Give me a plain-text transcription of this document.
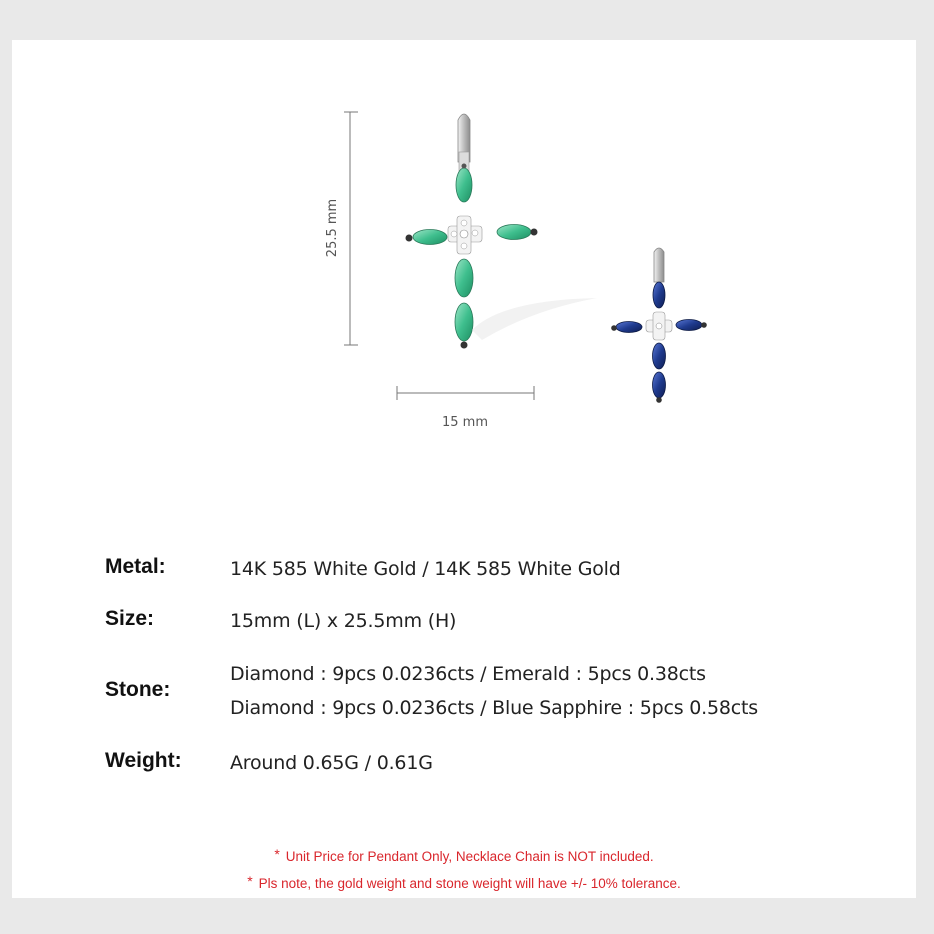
25.5 mm
15 mm
Metal:	14K 585 White Gold / 14K 585 White Gold
Size:	15mm (L) x 25.5mm (H)
Stone:
Diamond : 9pcs 0.0236cts / Emerald : 5pcs 0.38cts
Diamond : 9pcs 0.0236cts / Blue Sapphire : 5pcs 0.58cts
Weight:	Around 0.65G / 0.61G
* Unit Price for Pendant Only, Necklace Chain is NOT included.
* Pls note, the gold weight and stone weight will have +/- 10% tolerance.
